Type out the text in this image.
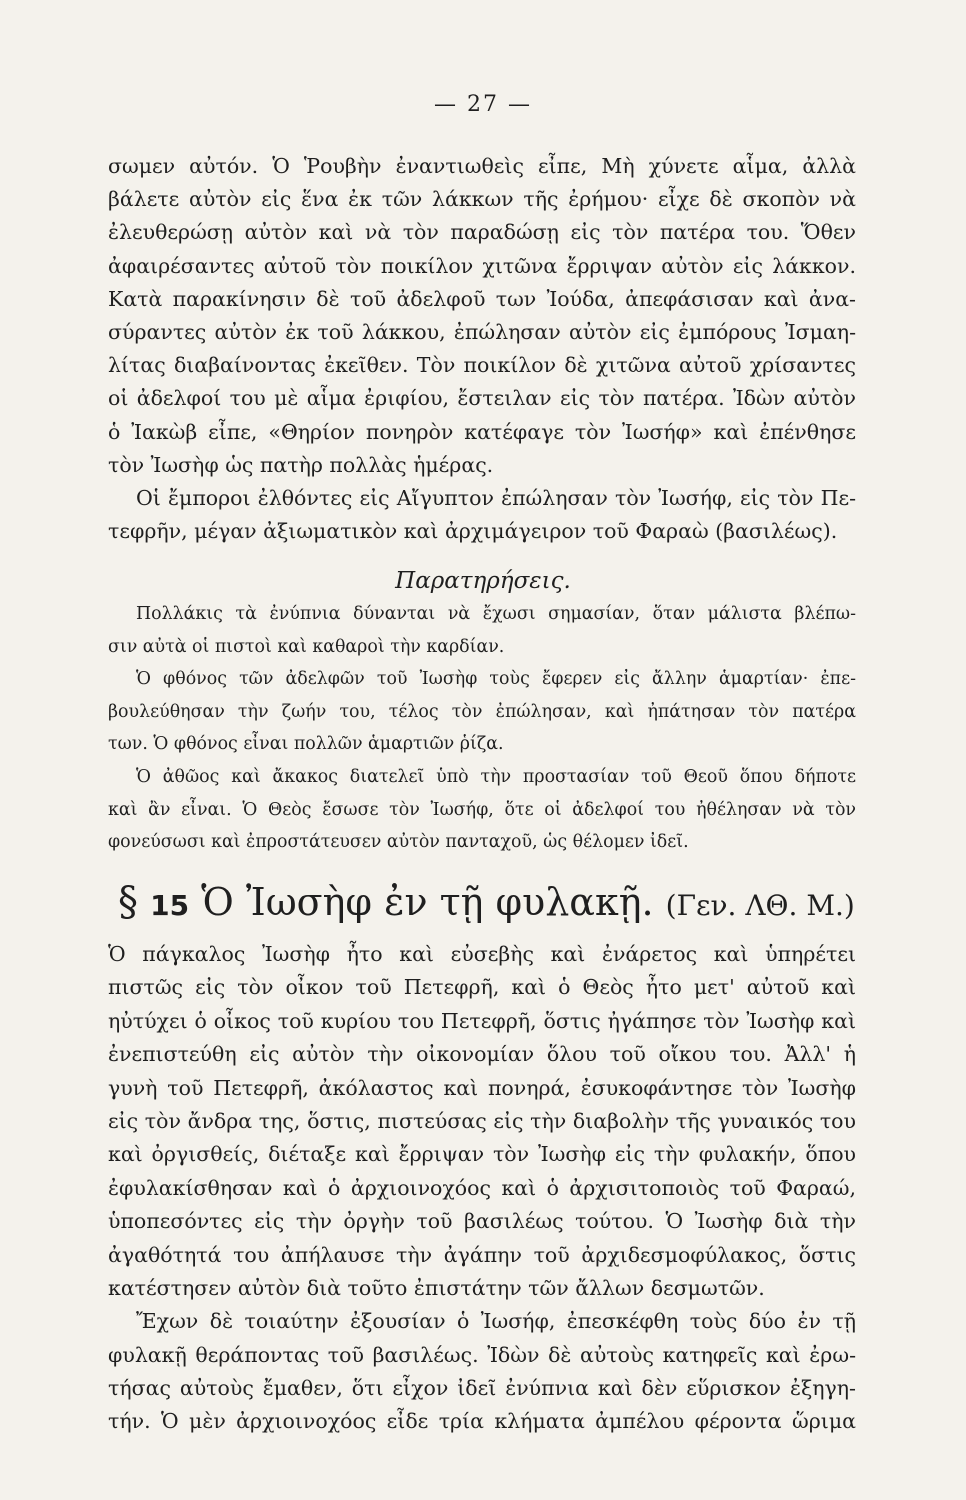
— 27 —
σωμεν αὐτόν. Ὁ Ῥουβὴν ἐναντιωθεὶς εἶπε, Μὴ χύνετε αἷμα, ἀλλὰ
βάλετε αὐτὸν εἰς ἕνα ἐκ τῶν λάκκων τῆς ἐρήμου· εἶχε δὲ σκοπὸν νὰ
ἐλευθερώσῃ αὐτὸν καὶ νὰ τὸν παραδώσῃ εἰς τὸν πατέρα του. Ὅθεν
ἀφαιρέσαντες αὐτοῦ τὸν ποικίλον χιτῶνα ἔρριψαν αὐτὸν εἰς λάκκον.
Κατὰ παρακίνησιν δὲ τοῦ ἀδελφοῦ των Ἰούδα, ἀπεφάσισαν καὶ ἀνα-
σύραντες αὐτὸν ἐκ τοῦ λάκκου, ἐπώλησαν αὐτὸν εἰς ἐμπόρους Ἰσμαη-
λίτας διαβαίνοντας ἐκεῖθεν. Τὸν ποικίλον δὲ χιτῶνα αὐτοῦ χρίσαντες
οἱ ἀδελφοί του μὲ αἷμα ἐριφίου, ἔστειλαν εἰς τὸν πατέρα. Ἰδὼν αὐτὸν
ὁ Ἰακὼβ εἶπε, «Θηρίον πονηρὸν κατέφαγε τὸν Ἰωσήφ» καὶ ἐπένθησε
τὸν Ἰωσὴφ ὡς πατὴρ πολλὰς ἡμέρας.
Οἱ ἔμποροι ἐλθόντες εἰς Αἴγυπτον ἐπώλησαν τὸν Ἰωσήφ, εἰς τὸν Πε-
τεφρῆν, μέγαν ἀξιωματικὸν καὶ ἀρχιμάγειρον τοῦ Φαραὼ (βασιλέως).
Παρατηρήσεις.
Πολλάκις τὰ ἐνύπνια δύνανται νὰ ἔχωσι σημασίαν, ὅταν μάλιστα βλέπω-
σιν αὐτὰ οἱ πιστοὶ καὶ καθαροὶ τὴν καρδίαν.
Ὁ φθόνος τῶν ἀδελφῶν τοῦ Ἰωσὴφ τοὺς ἔφερεν εἰς ἄλλην ἁμαρτίαν· ἐπε-
βουλεύθησαν τὴν ζωήν του, τέλος τὸν ἐπώλησαν, καὶ ἠπάτησαν τὸν πατέρα
των. Ὁ φθόνος εἶναι πολλῶν ἁμαρτιῶν ῥίζα.
Ὁ ἀθῶος καὶ ἄκακος διατελεῖ ὑπὸ τὴν προστασίαν τοῦ Θεοῦ ὅπου δήποτε
καὶ ἂν εἶναι. Ὁ Θεὸς ἔσωσε τὸν Ἰωσήφ, ὅτε οἱ ἀδελφοί του ἠθέλησαν νὰ τὸν
φονεύσωσι καὶ ἐπροστάτευσεν αὐτὸν πανταχοῦ, ὡς θέλομεν ἰδεῖ.
§ 15 Ὁ Ἰωσὴφ ἐν τῇ φυλακῇ. (Γεν. ΛΘ. Μ.)
Ὁ πάγκαλος Ἰωσὴφ ἦτο καὶ εὐσεβὴς καὶ ἐνάρετος καὶ ὑπηρέτει
πιστῶς εἰς τὸν οἶκον τοῦ Πετεφρῆ, καὶ ὁ Θεὸς ἦτο μετ' αὐτοῦ καὶ
ηὐτύχει ὁ οἶκος τοῦ κυρίου του Πετεφρῆ, ὅστις ἠγάπησε τὸν Ἰωσὴφ καὶ
ἐνεπιστεύθη εἰς αὐτὸν τὴν οἰκονομίαν ὅλου τοῦ οἴκου του. Ἀλλ' ἡ
γυνὴ τοῦ Πετεφρῆ, ἀκόλαστος καὶ πονηρά, ἐσυκοφάντησε τὸν Ἰωσὴφ
εἰς τὸν ἄνδρα της, ὅστις, πιστεύσας εἰς τὴν διαβολὴν τῆς γυναικός του
καὶ ὀργισθείς, διέταξε καὶ ἔρριψαν τὸν Ἰωσὴφ εἰς τὴν φυλακήν, ὅπου
ἐφυλακίσθησαν καὶ ὁ ἀρχιοινοχόος καὶ ὁ ἀρχισιτοποιὸς τοῦ Φαραώ,
ὑποπεσόντες εἰς τὴν ὀργὴν τοῦ βασιλέως τούτου. Ὁ Ἰωσὴφ διὰ τὴν
ἀγαθότητά του ἀπήλαυσε τὴν ἀγάπην τοῦ ἀρχιδεσμοφύλακος, ὅστις
κατέστησεν αὐτὸν διὰ τοῦτο ἐπιστάτην τῶν ἄλλων δεσμωτῶν.
Ἔχων δὲ τοιαύτην ἐξουσίαν ὁ Ἰωσήφ, ἐπεσκέφθη τοὺς δύο ἐν τῇ
φυλακῇ θεράποντας τοῦ βασιλέως. Ἰδὼν δὲ αὐτοὺς κατηφεῖς καὶ ἐρω-
τήσας αὐτοὺς ἔμαθεν, ὅτι εἶχον ἰδεῖ ἐνύπνια καὶ δὲν εὕρισκον ἐξηγη-
τήν. Ὁ μὲν ἀρχιοινοχόος εἶδε τρία κλήματα ἀμπέλου φέροντα ὥριμα
